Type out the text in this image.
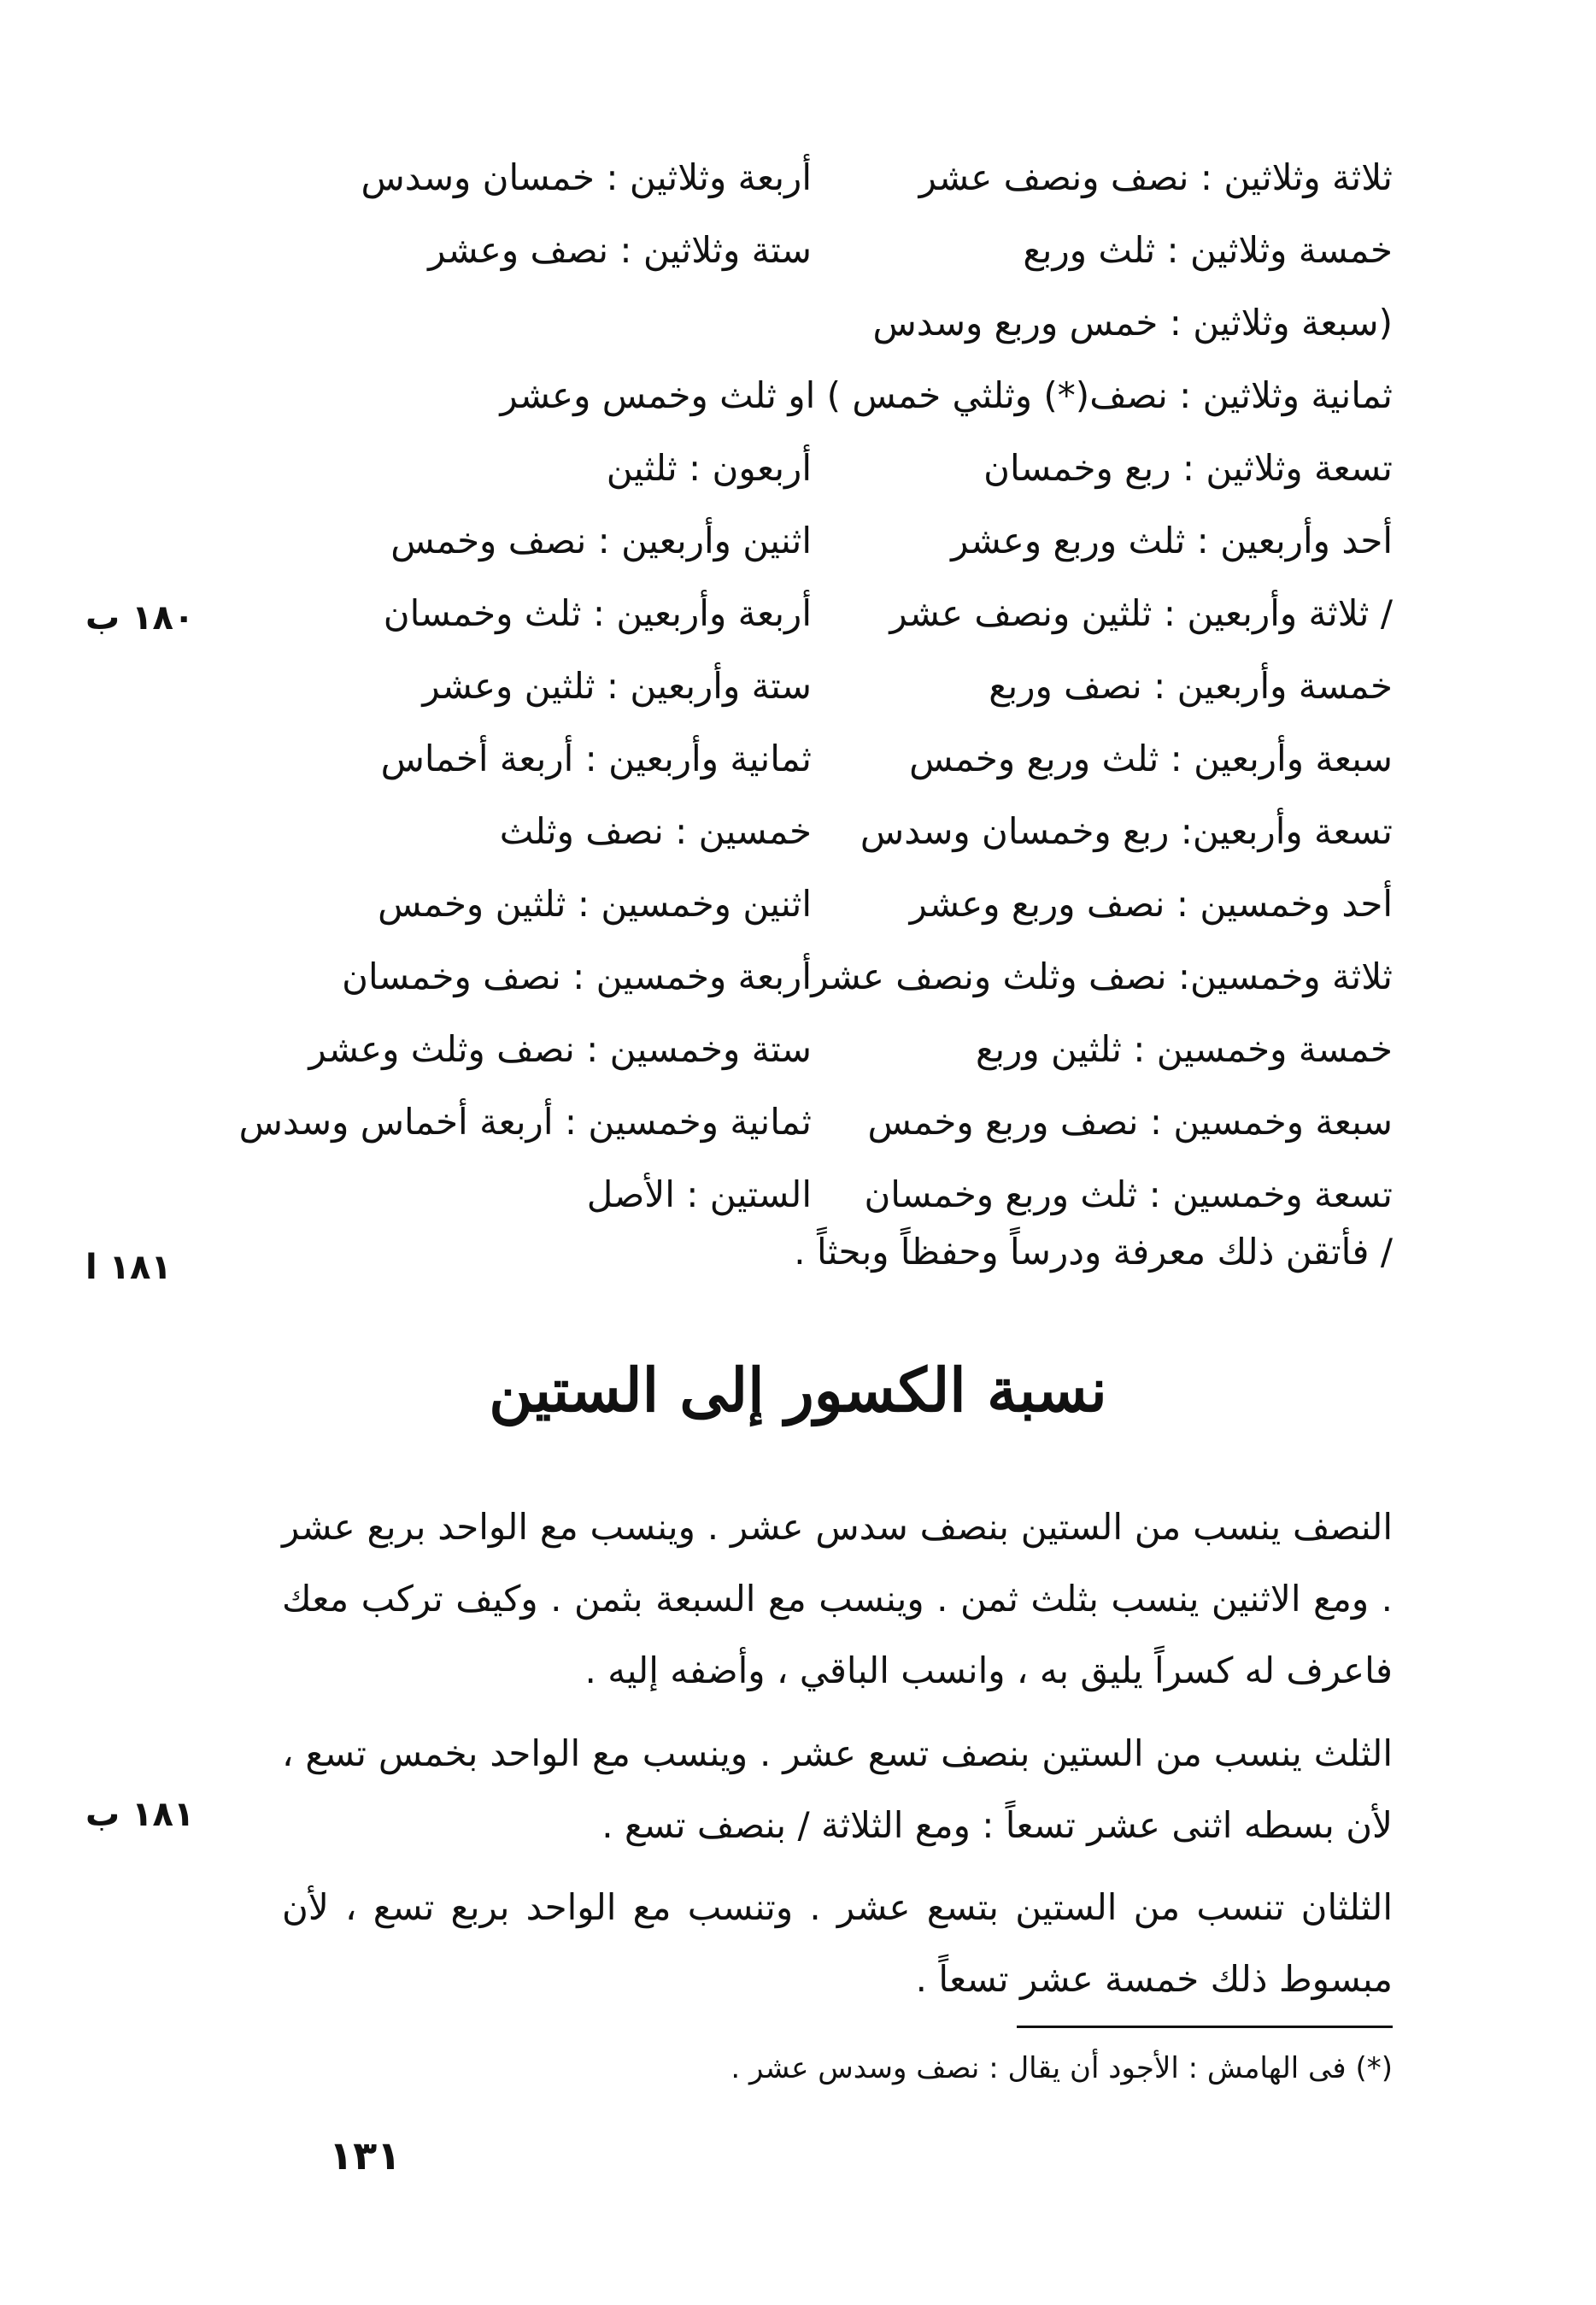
ثلاثة وثلاثين : نصف ونصف عشر
أربعة وثلاثين : خمسان وسدس
خمسة وثلاثين : ثلث وربع
ستة وثلاثين : نصف وعشر
(سبعة وثلاثين : خمس وربع وسدس
ثمانية وثلاثين : نصف(*) وثلثي خمس ) او ثلث وخمس وعشر
تسعة وثلاثين : ربع وخمسان
أربعون : ثلثين
أحد وأربعين : ثلث وربع وعشر
اثنين وأربعين : نصف وخمس
/ ثلاثة وأربعين : ثلثين ونصف عشر
أربعة وأربعين : ثلث وخمسان
خمسة وأربعين : نصف وربع
ستة وأربعين : ثلثين وعشر
سبعة وأربعين : ثلث وربع وخمس
ثمانية وأربعين : أربعة أخماس
تسعة وأربعين: ربع وخمسان وسدس
خمسين : نصف وثلث
أحد وخمسين : نصف وربع وعشر
اثنين وخمسين : ثلثين وخمس
ثلاثة وخمسين: نصف وثلث ونصف عشر
أربعة وخمسين : نصف وخمسان
خمسة وخمسين : ثلثين وربع
ستة وخمسين : نصف وثلث وعشر
سبعة وخمسين : نصف وربع وخمس
ثمانية وخمسين : أربعة أخماس وسدس
تسعة وخمسين : ثلث وربع وخمسان
الستين : الأصل
١٨٠ ب
١٨١ ا
١٨١ ب
/ فأتقن ذلك معرفة ودرساً وحفظاً وبحثاً .
نسبة الكسور إلى الستين
النصف ينسب من الستين بنصف سدس عشر . وينسب مع الواحد بربع عشر . ومع الاثنين ينسب بثلث ثمن . وينسب مع السبعة بثمن . وكيف تركب معك فاعرف له كسراً يليق به ، وانسب الباقي ، وأضفه إليه .
الثلث ينسب من الستين بنصف تسع عشر . وينسب مع الواحد بخمس تسع ، لأن بسطه اثنى عشر تسعاً : ومع الثلاثة / بنصف تسع .
الثلثان تنسب من الستين بتسع عشر . وتنسب مع الواحد بربع تسع ، لأن مبسوط ذلك خمسة عشر تسعاً .
(*) فى الهامش : الأجود أن يقال : نصف وسدس عشر .
١٣١
